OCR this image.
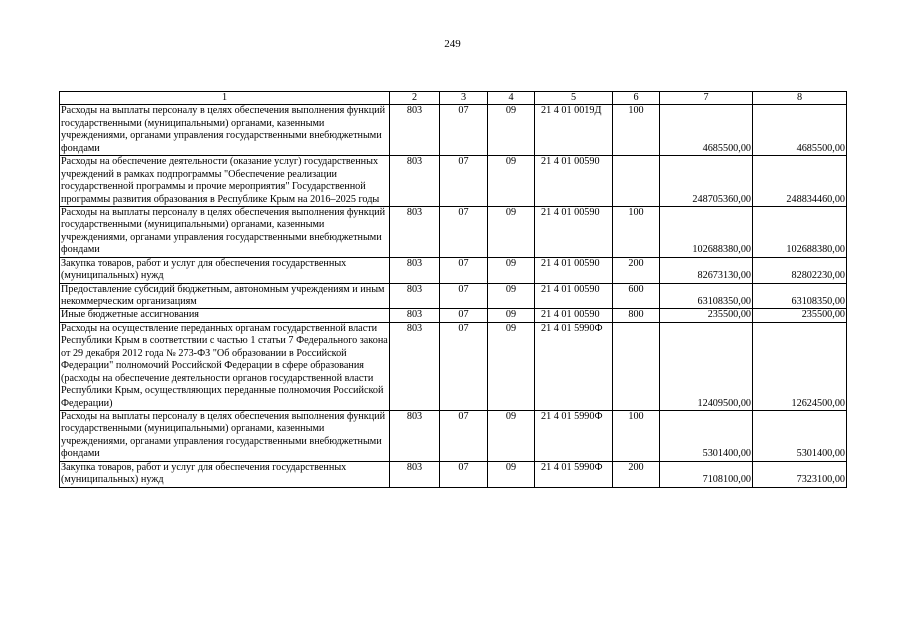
249
1	2	3	4	5	6	7	8
Расходы на выплаты персоналу в целях обеспечения выполнения функций государственными (муниципальными) органами, казенными учреждениями, органами управления государственными внебюджетными фондами	803	07	09	21 4 01 0019Д	100	4685500,00	4685500,00
Расходы на обеспечение деятельности (оказание услуг) государственных учреждений в рамках подпрограммы "Обеспечение реализации государственной программы и прочие мероприятия" Государственной программы развития образования в Республике Крым на 2016–2025 годы	803	07	09	21 4 01 00590		248705360,00	248834460,00
Расходы на выплаты персоналу в целях обеспечения выполнения функций государственными (муниципальными) органами, казенными учреждениями, органами управления государственными внебюджетными фондами	803	07	09	21 4 01 00590	100	102688380,00	102688380,00
Закупка товаров, работ и услуг для обеспечения государственных (муниципальных) нужд	803	07	09	21 4 01 00590	200	82673130,00	82802230,00
Предоставление субсидий бюджетным, автономным учреждениям и иным некоммерческим организациям	803	07	09	21 4 01 00590	600	63108350,00	63108350,00
Иные бюджетные ассигнования	803	07	09	21 4 01 00590	800	235500,00	235500,00
Расходы на осуществление переданных органам государственной власти Республики Крым в соответствии с частью 1 статьи 7 Федерального закона от 29 декабря 2012 года № 273-ФЗ "Об образовании в Российской Федерации" полномочий Российской Федерации в сфере образования (расходы на обеспечение деятельности органов государственной власти Республики Крым, осуществляющих переданные полномочия Российской Федерации)	803	07	09	21 4 01 5990Ф		12409500,00	12624500,00
Расходы на выплаты персоналу в целях обеспечения выполнения функций государственными (муниципальными) органами, казенными учреждениями, органами управления государственными внебюджетными фондами	803	07	09	21 4 01 5990Ф	100	5301400,00	5301400,00
Закупка товаров, работ и услуг для обеспечения государственных (муниципальных) нужд	803	07	09	21 4 01 5990Ф	200	7108100,00	7323100,00
